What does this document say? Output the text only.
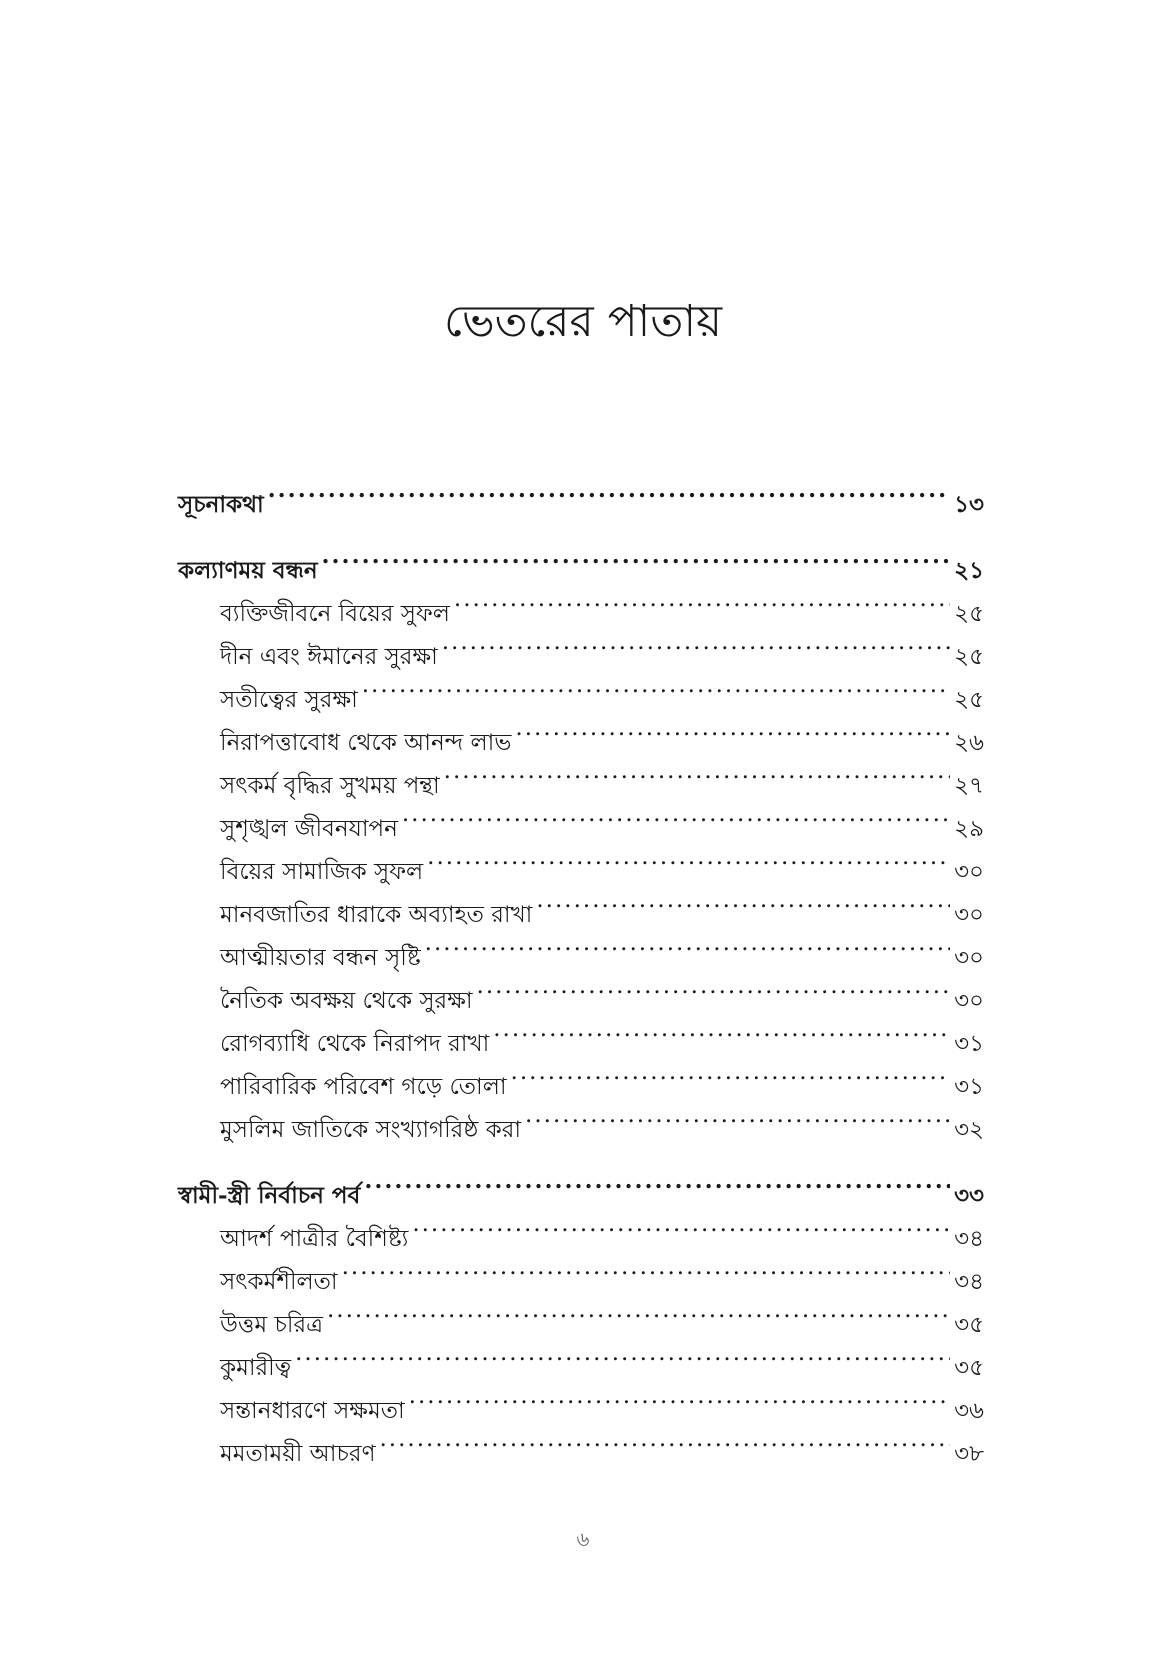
ভেতরের পাতায়
সূচনাকথা .....	১৩
কল্যাণময় বন্ধন .....	২১
ব্যক্তিজীবনে বিয়ের সুফল .....	২৫
দীন এবং ঈমানের সুরক্ষা .....	২৫
সতীত্বের সুরক্ষা .....	২৫
নিরাপত্তাবোধ থেকে আনন্দ লাভ .....	২৬
সৎকর্ম বৃদ্ধির সুখময় পন্থা .....	২৭
সুশৃঙ্খল জীবনযাপন .....	২৯
বিয়ের সামাজিক সুফল .....	৩০
মানবজাতির ধারাকে অব্যাহত রাখা .....	৩০
আত্মীয়তার বন্ধন সৃষ্টি .....	৩০
নৈতিক অবক্ষয় থেকে সুরক্ষা .....	৩০
রোগব্যাধি থেকে নিরাপদ রাখা .....	৩১
পারিবারিক পরিবেশ গড়ে তোলা .....	৩১
মুসলিম জাতিকে সংখ্যাগরিষ্ঠ করা .....	৩২
স্বামী-স্ত্রী নির্বাচন পর্ব .....	৩৩
আদর্শ পাত্রীর বৈশিষ্ট্য .....	৩৪
সৎকর্মশীলতা .....	৩৪
উত্তম চরিত্র .....	৩৫
কুমারীত্ব .....	৩৫
সন্তানধারণে সক্ষমতা .....	৩৬
মমতাময়ী আচরণ .....	৩৮
৬
